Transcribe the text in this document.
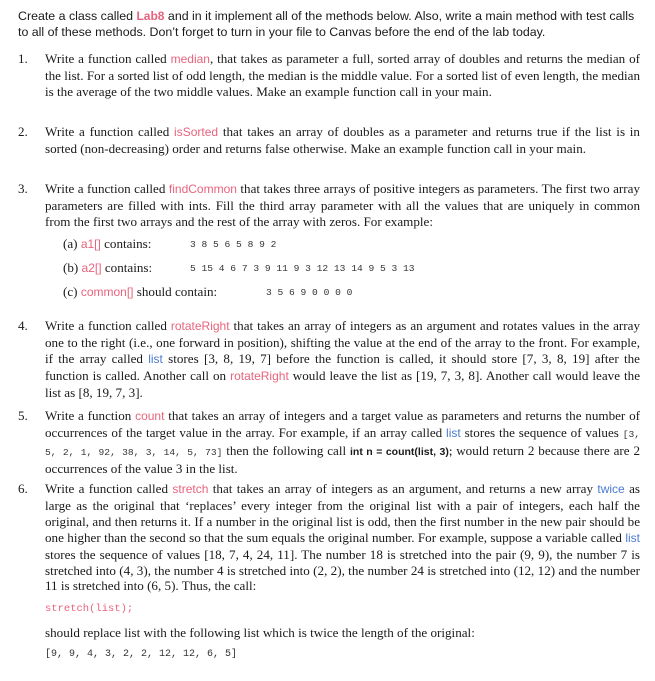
Create a class called Lab8 and in it implement all of the methods below. Also, write a main method with test calls to all of these methods. Don’t forget to turn in your file to Canvas before the end of the lab today.
1.	Write a function called median, that takes as parameter a full, sorted array of doubles and returns the median of the list. For a sorted list of odd length, the median is the middle value. For a sorted list of even length, the median is the average of the two middle values. Make an example function call in your main.
2.	Write a function called isSorted that takes an array of doubles as a parameter and returns true if the list is in sorted (non-decreasing) order and returns false otherwise. Make an example function call in your main.
3.	Write a function called findCommon that takes three arrays of positive integers as parameters. The first two array parameters are filled with ints. Fill the third array parameter with all the values that are uniquely in common from the first two arrays and the rest of the array with zeros. For example:
(a) a1[] contains:	3 8 5 6 5 8 9 2
(b) a2[] contains:	5 15 4 6 7 3 9 11 9 3 12 13 14 9 5 3 13
(c) common[] should contain:	3 5 6 9 0 0 0 0
4.	Write a function called rotateRight that takes an array of integers as an argument and rotates values in the array one to the right (i.e., one forward in position), shifting the value at the end of the array to the front. For example, if the array called list stores [3, 8, 19, 7] before the function is called, it should store [7, 3, 8, 19] after the function is called. Another call on rotateRight would leave the list as [19, 7, 3, 8]. Another call would leave the list as [8, 19, 7, 3].
5.	Write a function count that takes an array of integers and a target value as parameters and returns the number of occurrences of the target value in the array. For example, if an array called list stores the sequence of values [3, 5, 2, 1, 92, 38, 3, 14, 5, 73] then the following call int n = count(list, 3); would return 2 because there are 2 occurrences of the value 3 in the list.
6.	Write a function called stretch that takes an array of integers as an argument, and returns a new array twice as large as the original that ‘replaces’ every integer from the original list with a pair of integers, each half the original, and then returns it. If a number in the original list is odd, then the first number in the new pair should be one higher than the second so that the sum equals the original number. For example, suppose a variable called list stores the sequence of values [18, 7, 4, 24, 11]. The number 18 is stretched into the pair (9, 9), the number 7 is stretched into (4, 3), the number 4 is stretched into (2, 2), the number 24 is stretched into (12, 12) and the number 11 is stretched into (6, 5). Thus, the call:
stretch(list);
should replace list with the following list which is twice the length of the original:
[9, 9, 4, 3, 2, 2, 12, 12, 6, 5]
